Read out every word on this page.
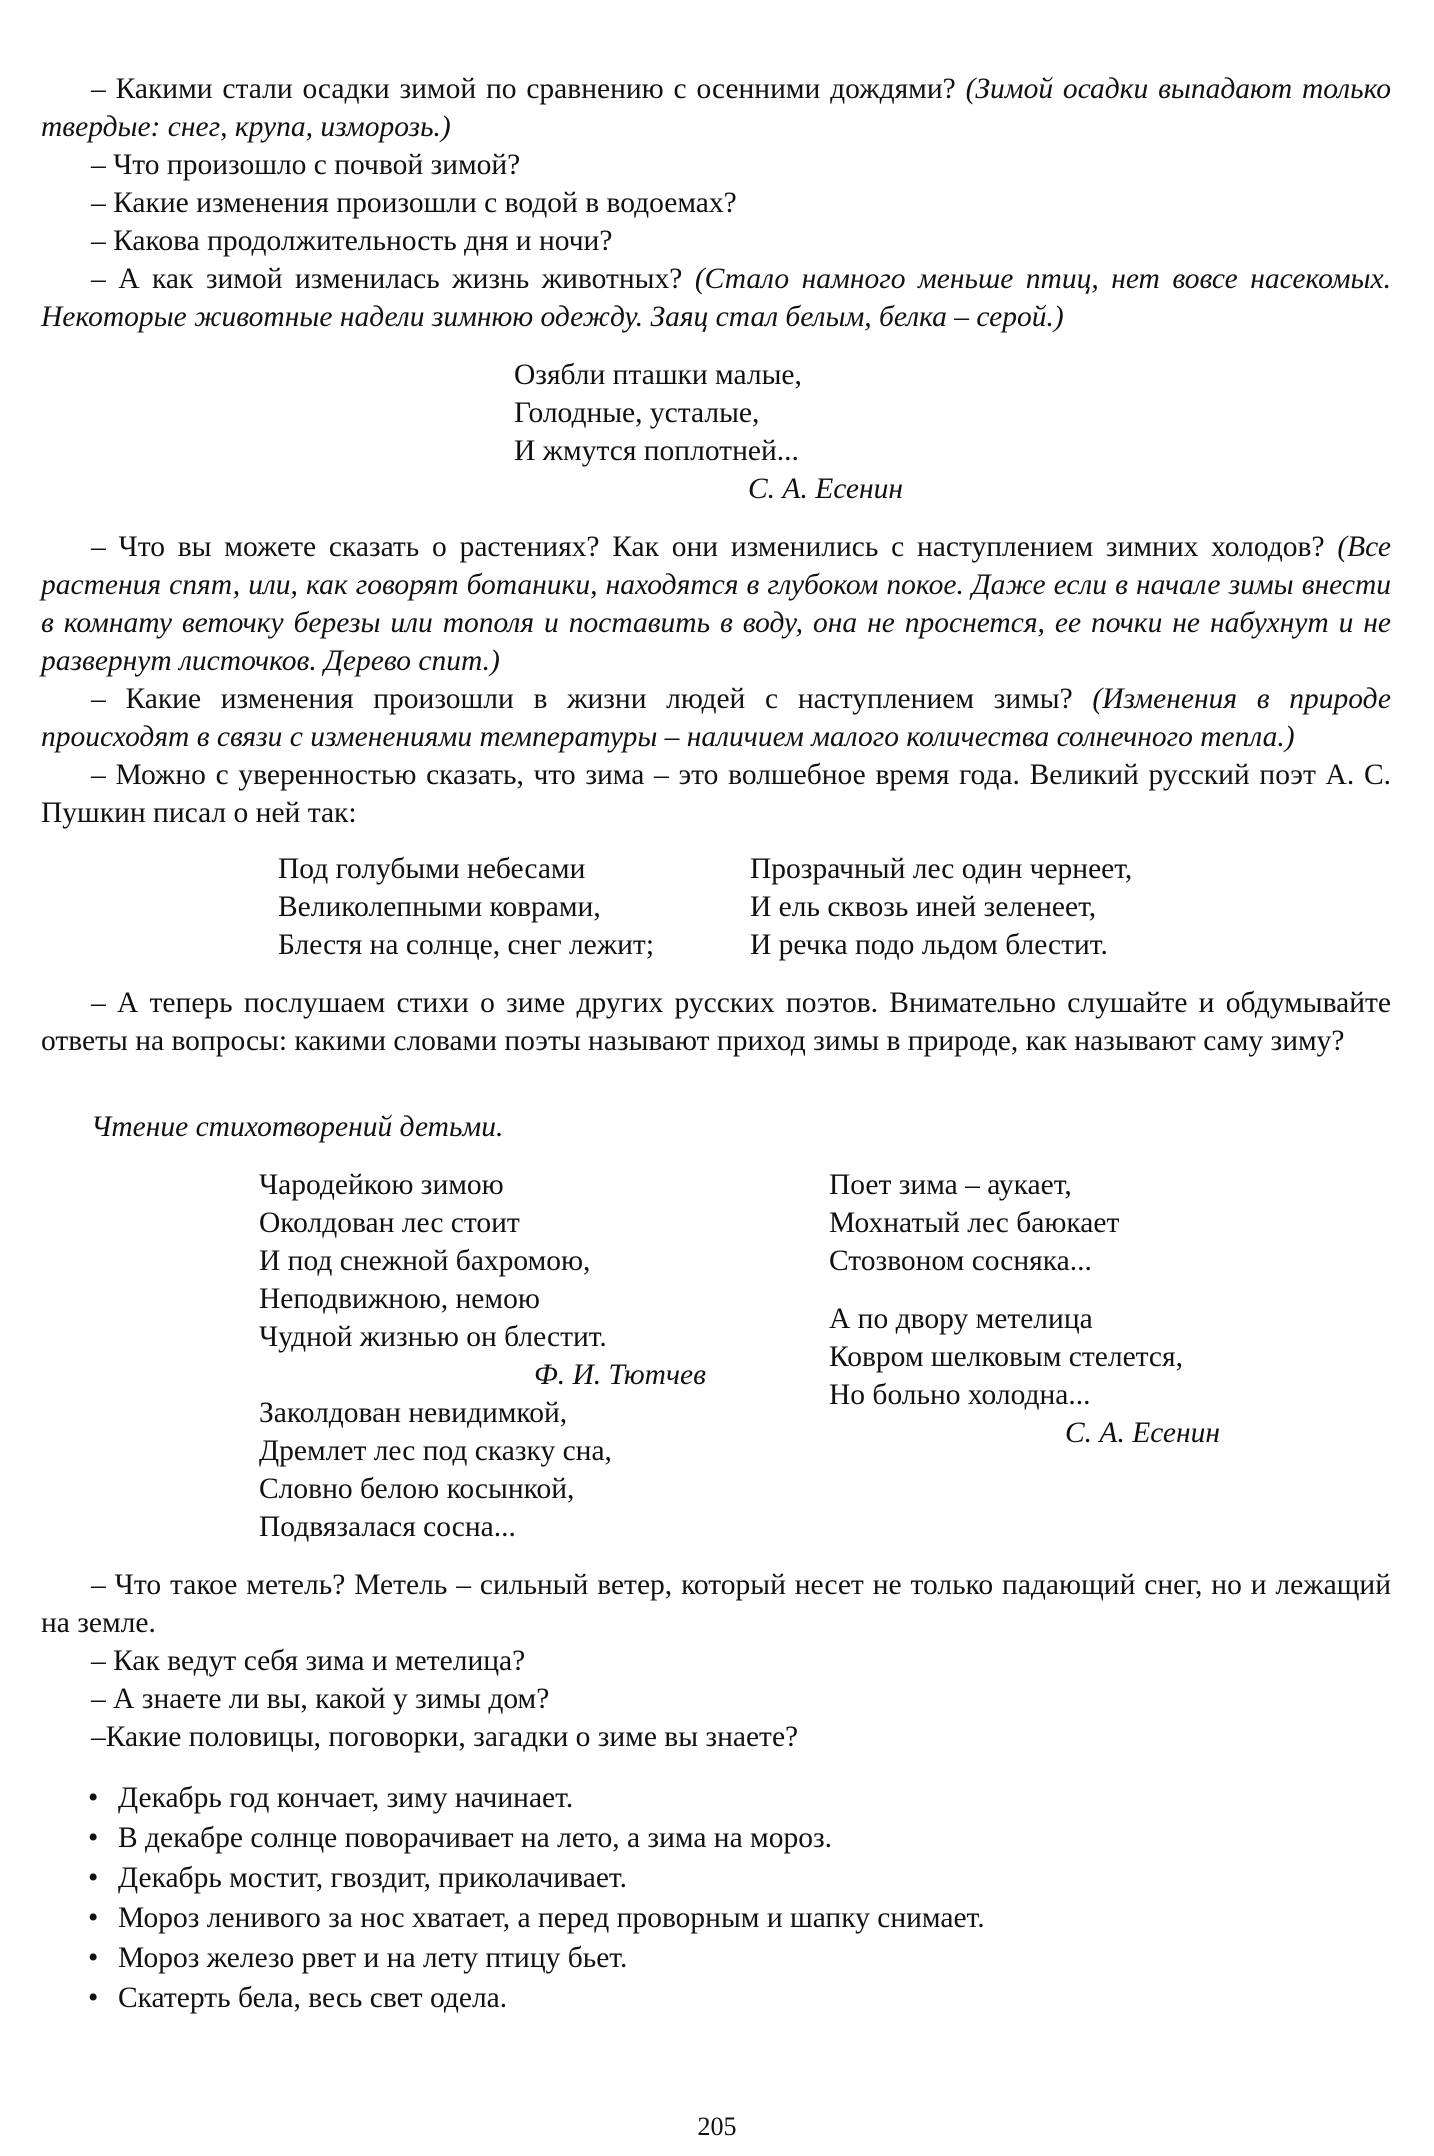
– Какими стали осадки зимой по сравнению с осенними дождями? (Зимой осадки выпадают только твердые: снег, крупа, изморозь.)

– Что произошло с почвой зимой?

– Какие изменения произошли с водой в водоемах?

– Какова продолжительность дня и ночи?

– А как зимой изменилась жизнь животных? (Стало намного меньше птиц, нет вовсе насекомых. Некоторые животные надели зимнюю одежду. Заяц стал белым, белка – серой.)

Озябли пташки малые,
Голодные, усталые,
И жмутся поплотней...
С. А. Есенин

– Что вы можете сказать о растениях? Как они изменились с наступлением зимних холодов? (Все растения спят, или, как говорят ботаники, находятся в глубоком покое. Даже если в начале зимы внести в комнату веточку березы или тополя и поставить в воду, она не проснется, ее почки не набухнут и не развернут листочков. Дерево спит.)

– Какие изменения произошли в жизни людей с наступлением зимы? (Изменения в природе происходят в связи с изменениями температуры – наличием малого количества солнечного тепла.)

– Можно с уверенностью сказать, что зима – это волшебное время года. Великий русский поэт А. С. Пушкин писал о ней так:

Под голубыми небесами
Великолепными коврами,
Блестя на солнце, снег лежит;
Прозрачный лес один чернеет,
И ель сквозь иней зеленеет,
И речка подо льдом блестит.

– А теперь послушаем стихи о зиме других русских поэтов. Внимательно слушайте и обдумывайте ответы на вопросы: какими словами поэты называют приход зимы в природе, как называют саму зиму?

Чтение стихотворений детьми.
Чародейкою зимою
Околдован лес стоит
И под снежной бахромою,
Неподвижною, немою
Чудной жизнью он блестит.
Ф. И. Тютчев
Заколдован невидимкой,
Дремлет лес под сказку сна,
Словно белою косынкой,
Подвязалася сосна...
Поет зима – аукает,
Мохнатый лес баюкает
Стозвоном сосняка...
А по двору метелица
Ковром шелковым стелется,
Но больно холодна...
С. А. Есенин

– Что такое метель? Метель – сильный ветер, который несет не только падающий снег, но и лежащий на земле.

– Как ведут себя зима и метелица?

– А знаете ли вы, какой у зимы дом?

–Какие половицы, поговорки, загадки о зиме вы знаете?

• Декабрь год кончает, зиму начинает.
• В декабре солнце поворачивает на лето, а зима на мороз.
• Декабрь мостит, гвоздит, приколачивает.
• Мороз ленивого за нос хватает, а перед проворным и шапку снимает.
• Мороз железо рвет и на лету птицу бьет.
• Скатерть бела, весь свет одела.
205
